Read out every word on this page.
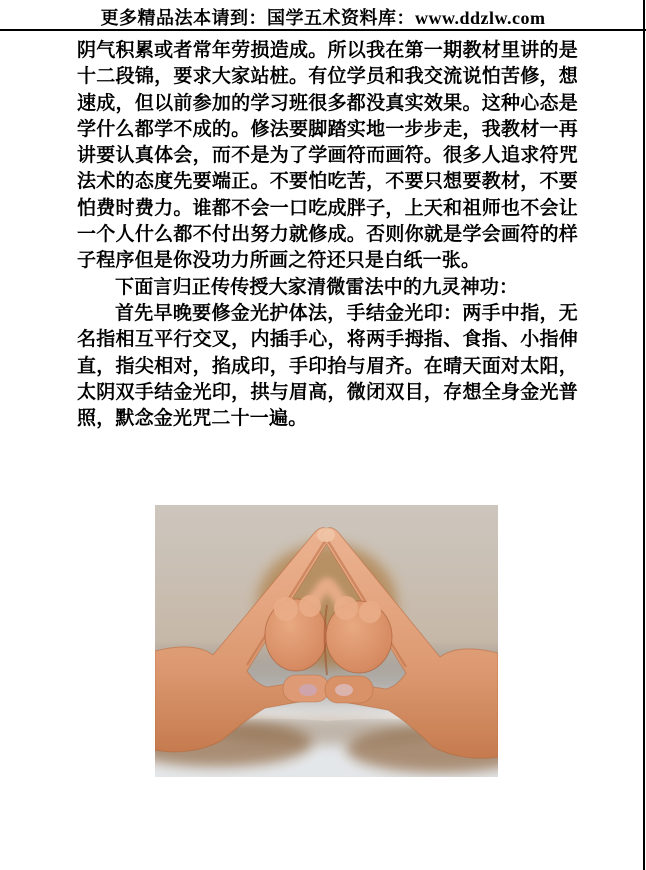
更多精品法本请到：国学五术资料库：www.ddzlw.com
阴气积累或者常年劳损造成。所以我在第一期教材里讲的是
十二段锦，要求大家站桩。有位学员和我交流说怕苦修，想
速成，但以前参加的学习班很多都没真实效果。这种心态是
学什么都学不成的。修法要脚踏实地一步步走，我教材一再
讲要认真体会，而不是为了学画符而画符。很多人追求符咒
法术的态度先要端正。不要怕吃苦，不要只想要教材，不要
怕费时费力。谁都不会一口吃成胖子，上天和祖师也不会让
一个人什么都不付出努力就修成。否则你就是学会画符的样
子程序但是你没功力所画之符还只是白纸一张。
下面言归正传传授大家清微雷法中的九灵神功：
首先早晚要修金光护体法，手结金光印：两手中指，无
名指相互平行交叉，内插手心，将两手拇指、食指、小指伸
直，指尖相对，掐成印，手印抬与眉齐。在晴天面对太阳，
太阴双手结金光印，拱与眉高，微闭双目，存想全身金光普
照，默念金光咒二十一遍。
